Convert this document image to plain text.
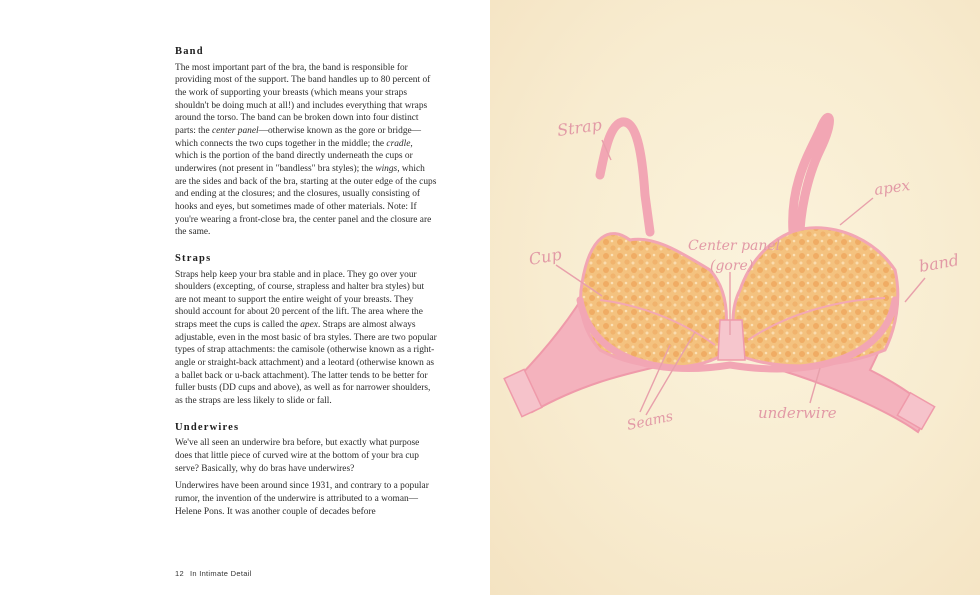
Band

The most important part of the bra, the band is responsible for providing most of the support. The band handles up to 80 percent of the work of supporting your breasts (which means your straps shouldn't be doing much at all!) and includes everything that wraps around the torso. The band can be broken down into four distinct parts: the center panel—otherwise known as the gore or bridge—which connects the two cups together in the middle; the cradle, which is the portion of the band directly underneath the cups or underwires (not present in "bandless" bra styles); the wings, which are the sides and back of the bra, starting at the outer edge of the cups and ending at the closures; and the closures, usually consisting of hooks and eyes, but sometimes made of other materials. Note: If you're wearing a front-close bra, the center panel and the closure are the same.

Straps

Straps help keep your bra stable and in place. They go over your shoulders (excepting, of course, strapless and halter bra styles) but are not meant to support the entire weight of your breasts. They should account for about 20 percent of the lift. The area where the straps meet the cups is called the apex. Straps are almost always adjustable, even in the most basic of bra styles. There are two popular types of strap attachments: the camisole (otherwise known as a right-angle or straight-back attachment) and a leotard (otherwise known as a ballet back or u-back attachment). The latter tends to be better for fuller busts (DD cups and above), as well as for narrower shoulders, as the straps are less likely to slide or fall.

Underwires

We've all seen an underwire bra before, but exactly what purpose does that little piece of curved wire at the bottom of your bra cup serve? Basically, why do bras have underwires?

Underwires have been around since 1931, and contrary to a popular rumor, the invention of the underwire is attributed to a woman—Helene Pons. It was another couple of decades before

12 In Intimate Detail
Strap
apex
Center panel
(gore)
Cup	band
Seams	underwire
